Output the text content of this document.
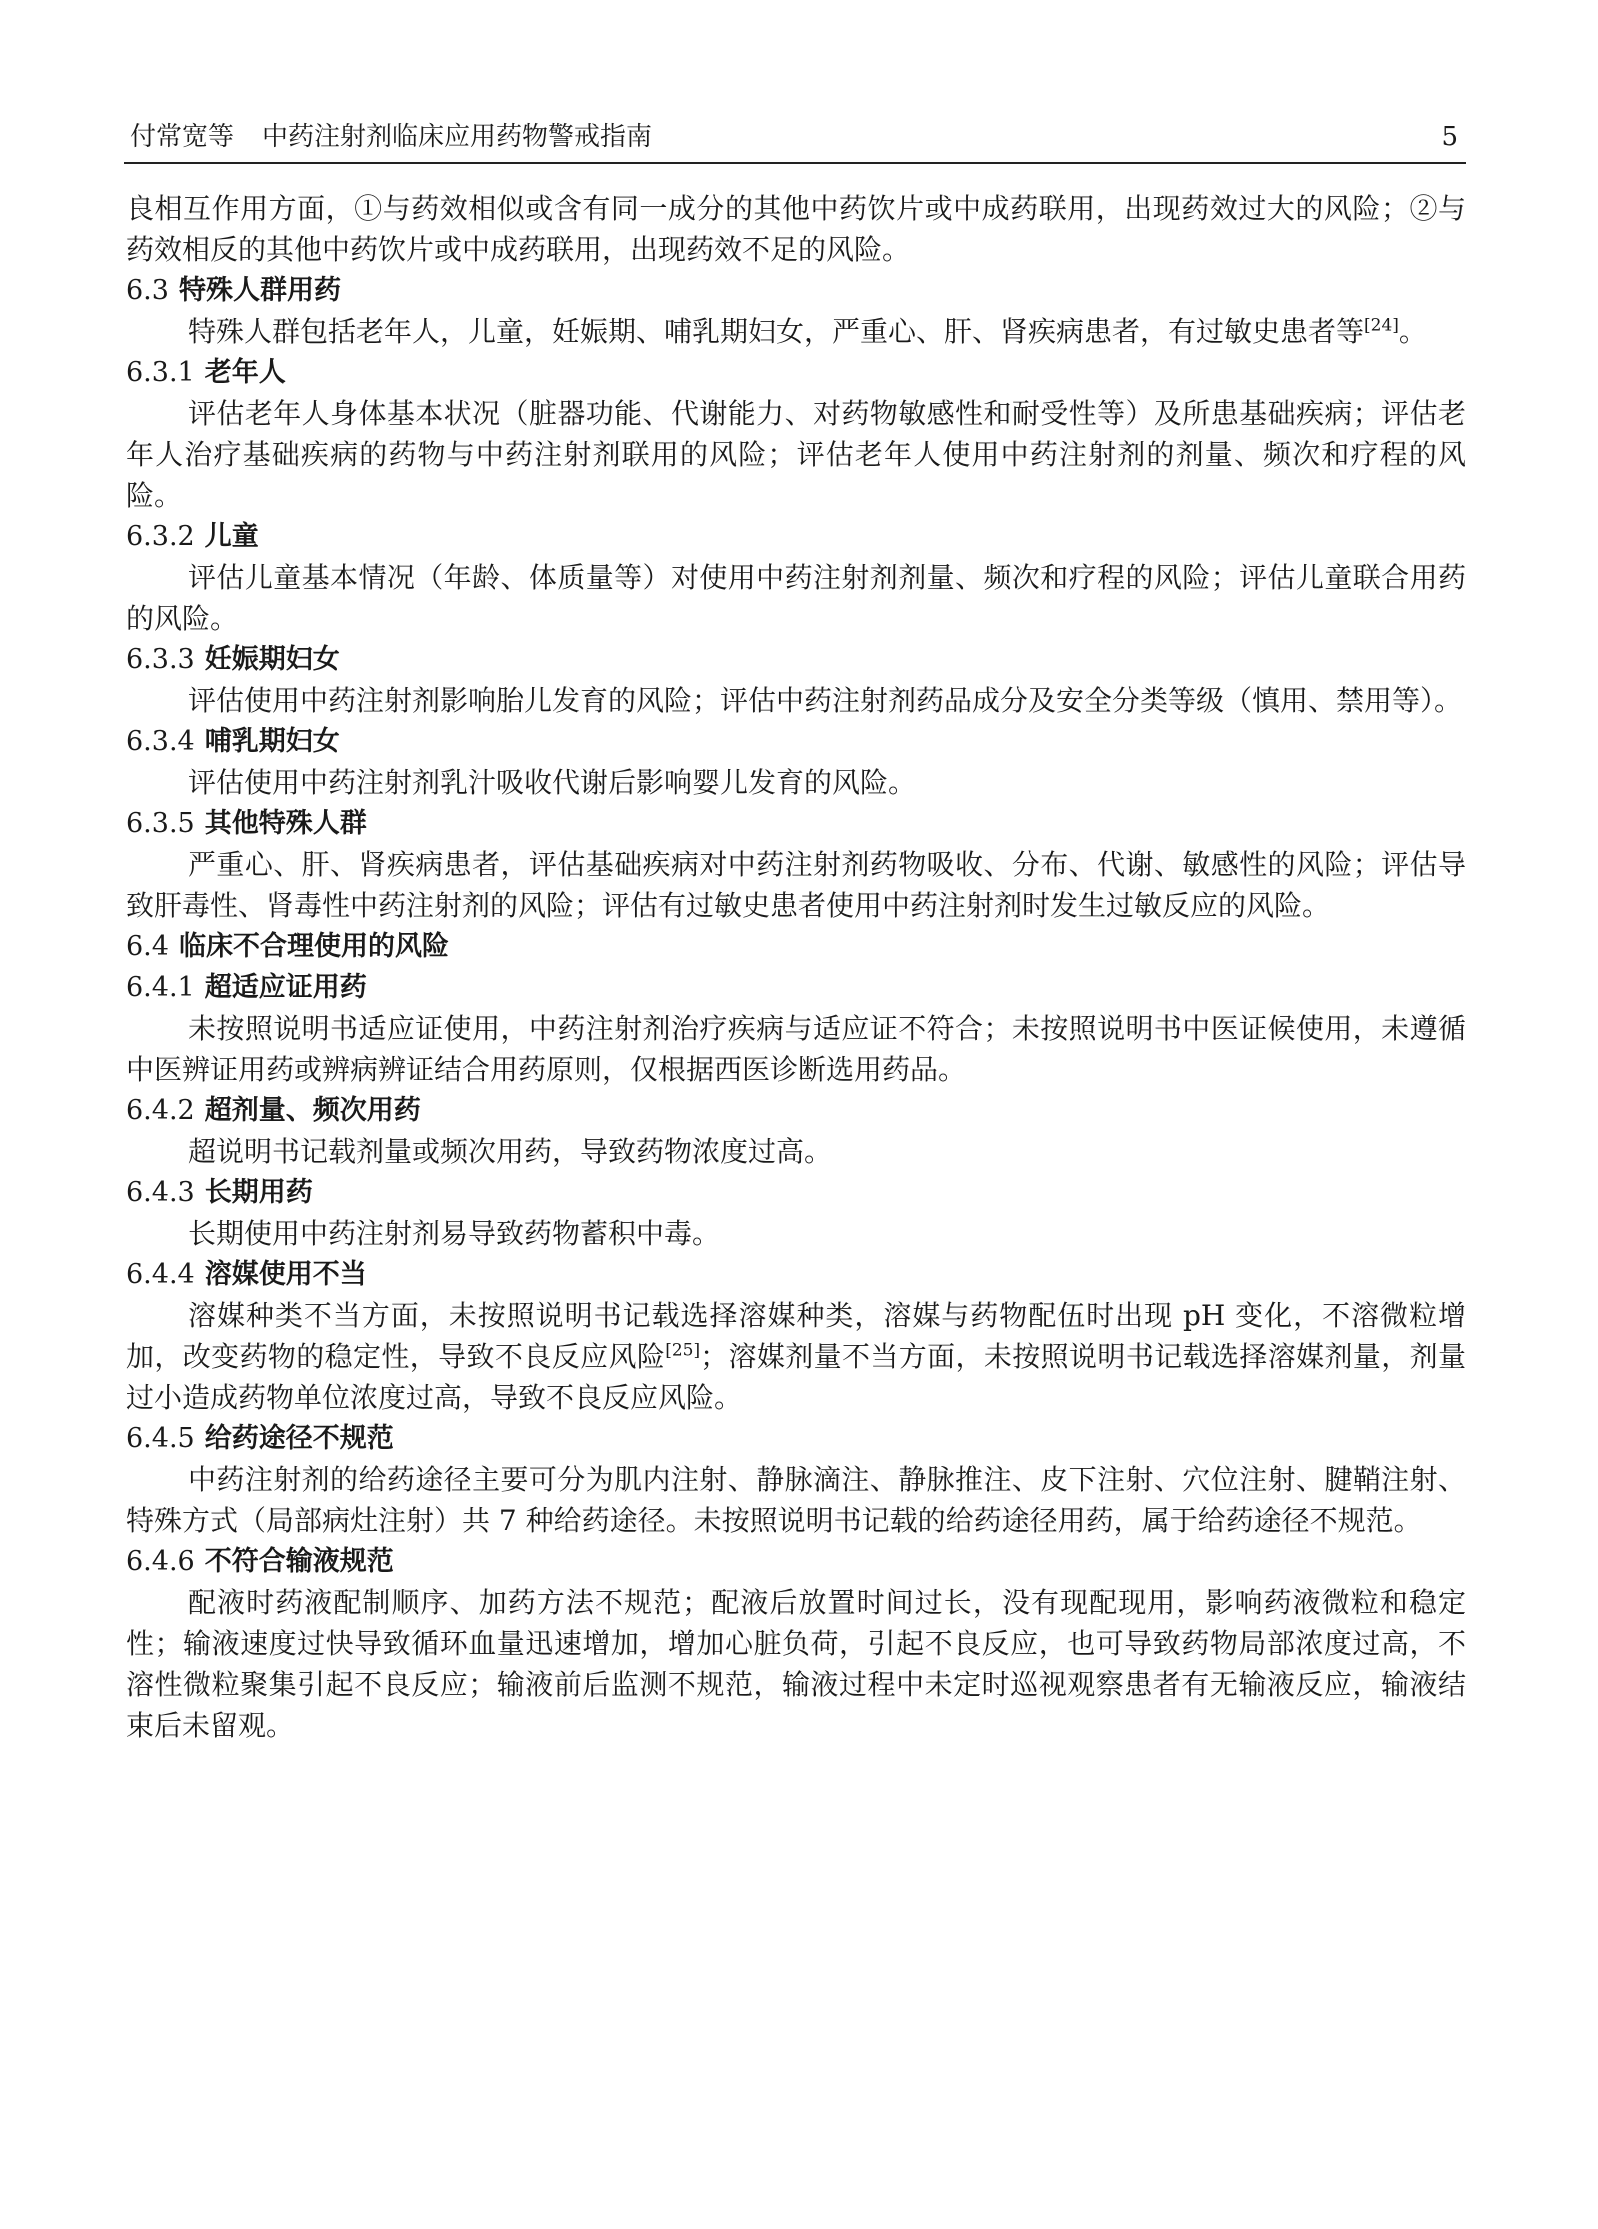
付常宽等 中药注射剂临床应用药物警戒指南	5

良相互作用方面，①与药效相似或含有同一成分的其他中药饮片或中成药联用，出现药效过大的风险；②与药效相反的其他中药饮片或中成药联用，出现药效不足的风险。

6.3 特殊人群用药

特殊人群包括老年人，儿童，妊娠期、哺乳期妇女，严重心、肝、肾疾病患者，有过敏史患者等[24]。

6.3.1 老年人

评估老年人身体基本状况（脏器功能、代谢能力、对药物敏感性和耐受性等）及所患基础疾病；评估老年人治疗基础疾病的药物与中药注射剂联用的风险；评估老年人使用中药注射剂的剂量、频次和疗程的风险。

6.3.2 儿童

评估儿童基本情况（年龄、体质量等）对使用中药注射剂剂量、频次和疗程的风险；评估儿童联合用药的风险。

6.3.3 妊娠期妇女

评估使用中药注射剂影响胎儿发育的风险；评估中药注射剂药品成分及安全分类等级（慎用、禁用等）。

6.3.4 哺乳期妇女

评估使用中药注射剂乳汁吸收代谢后影响婴儿发育的风险。

6.3.5 其他特殊人群

严重心、肝、肾疾病患者，评估基础疾病对中药注射剂药物吸收、分布、代谢、敏感性的风险；评估导致肝毒性、肾毒性中药注射剂的风险；评估有过敏史患者使用中药注射剂时发生过敏反应的风险。

6.4 临床不合理使用的风险
6.4.1 超适应证用药

未按照说明书适应证使用，中药注射剂治疗疾病与适应证不符合；未按照说明书中医证候使用，未遵循中医辨证用药或辨病辨证结合用药原则，仅根据西医诊断选用药品。

6.4.2 超剂量、频次用药

超说明书记载剂量或频次用药，导致药物浓度过高。

6.4.3 长期用药

长期使用中药注射剂易导致药物蓄积中毒。

6.4.4 溶媒使用不当

溶媒种类不当方面，未按照说明书记载选择溶媒种类，溶媒与药物配伍时出现 pH 变化，不溶微粒增加，改变药物的稳定性，导致不良反应风险[25]；溶媒剂量不当方面，未按照说明书记载选择溶媒剂量，剂量过小造成药物单位浓度过高，导致不良反应风险。

6.4.5 给药途径不规范

中药注射剂的给药途径主要可分为肌内注射、静脉滴注、静脉推注、皮下注射、穴位注射、腱鞘注射、特殊方式（局部病灶注射）共 7 种给药途径。未按照说明书记载的给药途径用药，属于给药途径不规范。

6.4.6 不符合输液规范

配液时药液配制顺序、加药方法不规范；配液后放置时间过长，没有现配现用，影响药液微粒和稳定性；输液速度过快导致循环血量迅速增加，增加心脏负荷，引起不良反应，也可导致药物局部浓度过高，不溶性微粒聚集引起不良反应；输液前后监测不规范，输液过程中未定时巡视观察患者有无输液反应，输液结束后未留观。
